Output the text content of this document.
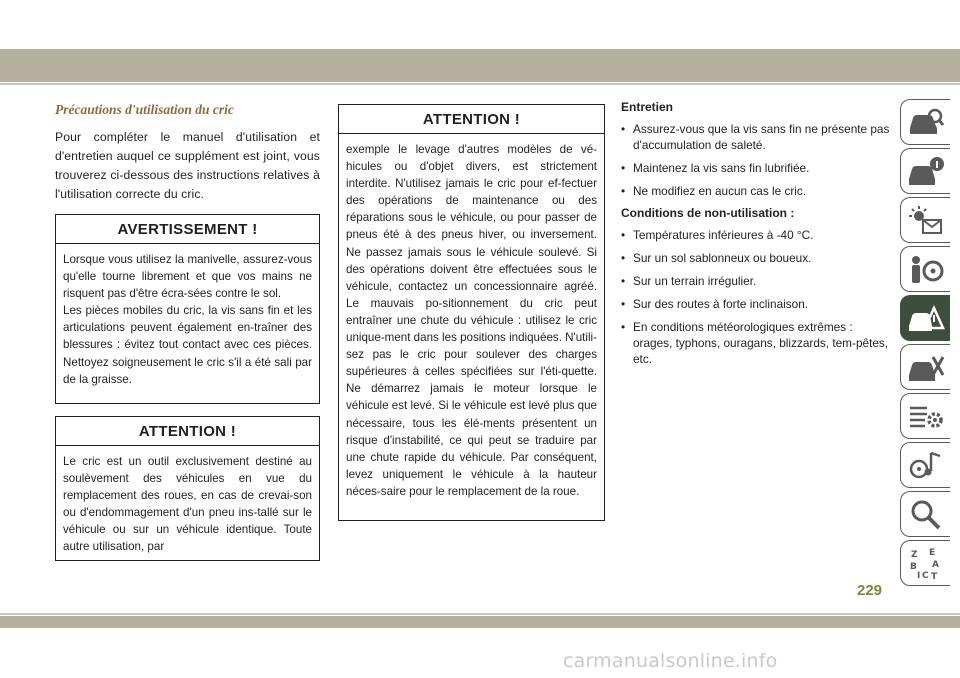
Précautions d'utilisation du cric

Pour compléter le manuel d'utilisation et d'entretien auquel ce supplément est joint, vous trouverez ci-dessous des instructions relatives à l'utilisation correcte du cric.

AVERTISSEMENT !

Lorsque vous utilisez la manivelle, assurez-vous qu'elle tourne librement et que vos mains ne risquent pas d'être écra-sées contre le sol.

Les pièces mobiles du cric, la vis sans fin et les articulations peuvent également en-traîner des blessures : évitez tout contact avec ces pièces. Nettoyez soigneusement le cric s'il a été sali par de la graisse.

ATTENTION !
Le cric est un outil exclusivement destiné au soulèvement des véhicules en vue du remplacement des roues, en cas de crevai-son ou d'endommagement d'un pneu ins-tallé sur le véhicule ou sur un véhicule identique. Toute autre utilisation, par
ATTENTION !
exemple le levage d'autres modèles de vé-hicules ou d'objet divers, est strictement interdite. N'utilisez jamais le cric pour ef-fectuer des opérations de maintenance ou des réparations sous le véhicule, ou pour passer de pneus été à des pneus hiver, ou inversement. Ne passez jamais sous le véhicule soulevé. Si des opérations doivent être effectuées sous le véhicule, contactez un concessionnaire agréé. Le mauvais po-sitionnement du cric peut entraîner une chute du véhicule : utilisez le cric unique-ment dans les positions indiquées. N'utili-sez pas le cric pour soulever des charges supérieures à celles spécifiées sur l'éti-quette. Ne démarrez jamais le moteur lorsque le véhicule est levé. Si le véhicule est levé plus que nécessaire, tous les élé-ments présentent un risque d'instabilité, ce qui peut se traduire par une chute rapide du véhicule. Par conséquent, levez uniquement le véhicule à la hauteur néces-saire pour le remplacement de la roue.
Entretien
• Assurez-vous que la vis sans fin ne présente pas d'accumulation de saleté.
• Maintenez la vis sans fin lubrifiée.
• Ne modifiez en aucun cas le cric.
Conditions de non-utilisation :
• Températures inférieures à -40 °C.
• Sur un sol sablonneux ou boueux.
• Sur un terrain irrégulier.
• Sur des routes à forte inclinaison.
• En conditions météorologiques extrêmes : orages, typhons, ouragans, blizzards, tem-pêtes, etc.
Z E
B A
I C T
229
carmanualsonline.info
